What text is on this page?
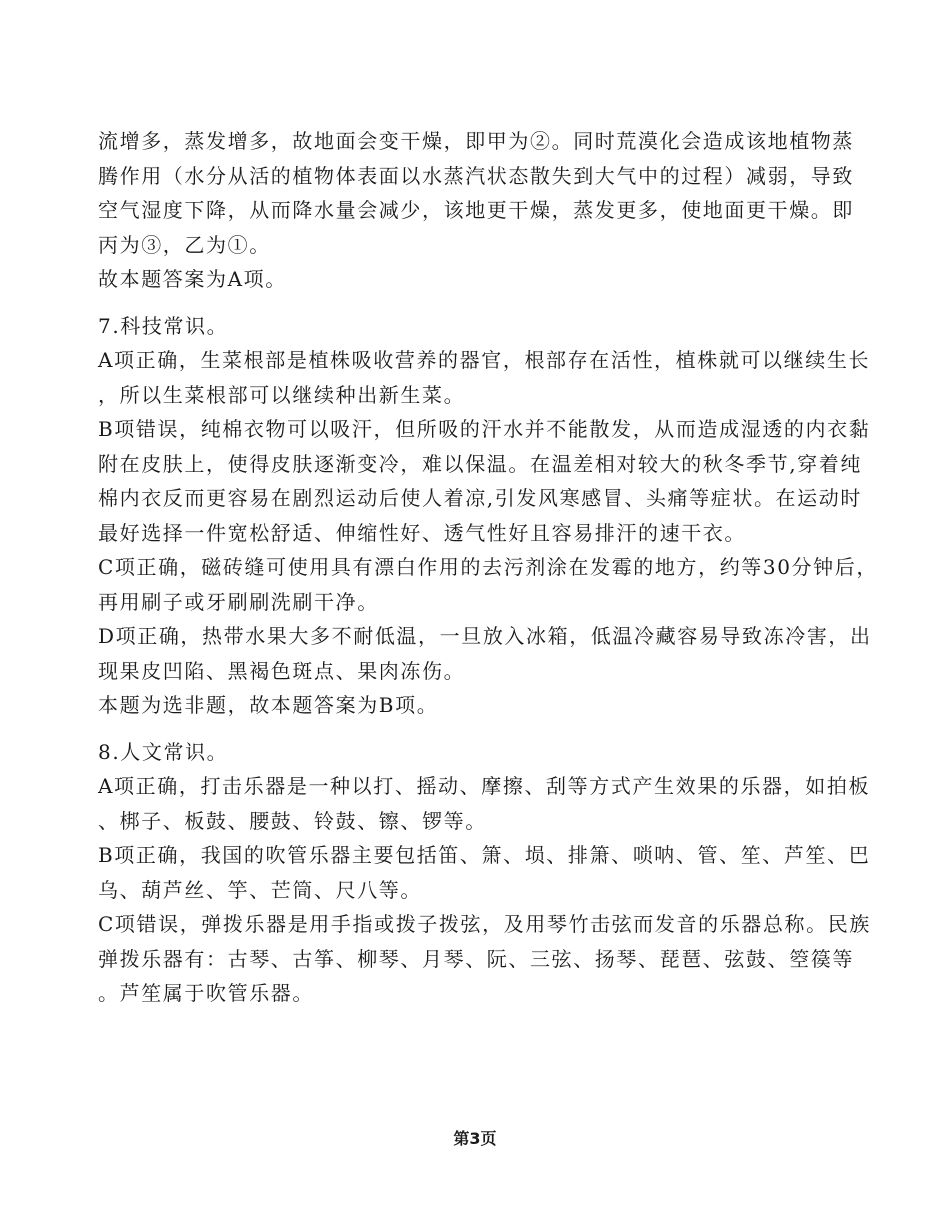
流增多，蒸发增多，故地面会变干燥，即甲为②。同时荒漠化会造成该地植物蒸
腾作用（水分从活的植物体表面以水蒸汽状态散失到大气中的过程）减弱，导致
空气湿度下降，从而降水量会减少，该地更干燥，蒸发更多，使地面更干燥。即
丙为③，乙为①。
故本题答案为A项。
7.科技常识。
A项正确，生菜根部是植株吸收营养的器官，根部存在活性，植株就可以继续生长
，所以生菜根部可以继续种出新生菜。
B项错误，纯棉衣物可以吸汗，但所吸的汗水并不能散发，从而造成湿透的内衣黏
附在皮肤上，使得皮肤逐渐变冷，难以保温。在温差相对较大的秋冬季节,穿着纯
棉内衣反而更容易在剧烈运动后使人着凉,引发风寒感冒、头痛等症状。在运动时
最好选择一件宽松舒适、伸缩性好、透气性好且容易排汗的速干衣。
C项正确，磁砖缝可使用具有漂白作用的去污剂涂在发霉的地方，约等30分钟后，
再用刷子或牙刷刷洗刷干净。
D项正确，热带水果大多不耐低温，一旦放入冰箱，低温冷藏容易导致冻冷害，出
现果皮凹陷、黑褐色斑点、果肉冻伤。
本题为选非题，故本题答案为B项。
8.人文常识。
A项正确，打击乐器是一种以打、摇动、摩擦、刮等方式产生效果的乐器，如拍板
、梆子、板鼓、腰鼓、铃鼓、镲、锣等。
B项正确，我国的吹管乐器主要包括笛、箫、埙、排箫、唢呐、管、笙、芦笙、巴
乌、葫芦丝、竽、芒筒、尺八等。
C项错误，弹拨乐器是用手指或拨子拨弦，及用琴竹击弦而发音的乐器总称。民族
弹拨乐器有：古琴、古筝、柳琴、月琴、阮、三弦、扬琴、琵琶、弦鼓、箜篌等
。芦笙属于吹管乐器。
第3页
